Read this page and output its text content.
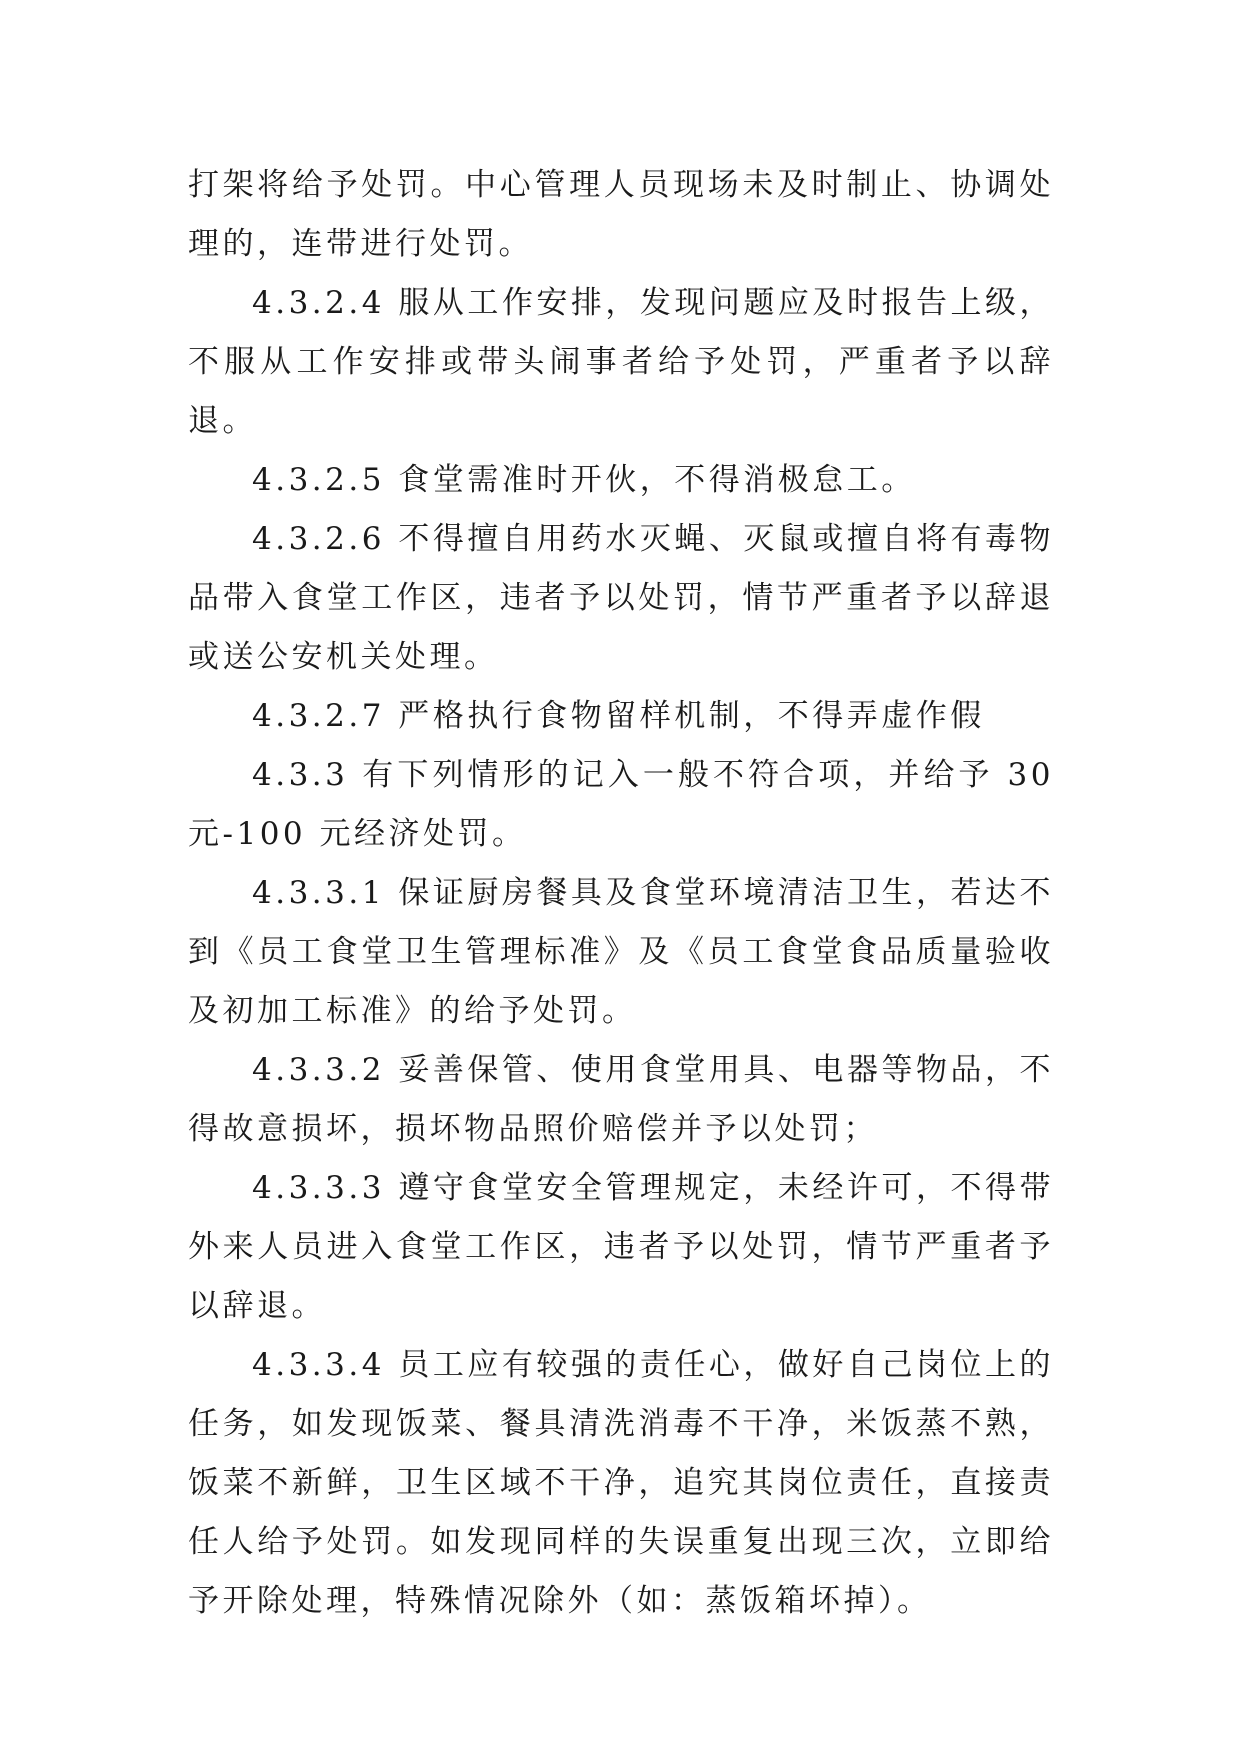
打架将给予处罚。中心管理人员现场未及时制止、协调处理的，连带进行处罚。

4.3.2.4 服从工作安排，发现问题应及时报告上级，不服从工作安排或带头闹事者给予处罚，严重者予以辞退。

4.3.2.5 食堂需准时开伙，不得消极怠工。

4.3.2.6 不得擅自用药水灭蝇、灭鼠或擅自将有毒物品带入食堂工作区，违者予以处罚，情节严重者予以辞退或送公安机关处理。

4.3.2.7 严格执行食物留样机制，不得弄虚作假

4.3.3 有下列情形的记入一般不符合项，并给予 30 元-100 元经济处罚。

4.3.3.1 保证厨房餐具及食堂环境清洁卫生，若达不到《员工食堂卫生管理标准》及《员工食堂食品质量验收及初加工标准》的给予处罚。

4.3.3.2 妥善保管、使用食堂用具、电器等物品，不得故意损坏，损坏物品照价赔偿并予以处罚；

4.3.3.3 遵守食堂安全管理规定，未经许可，不得带外来人员进入食堂工作区，违者予以处罚，情节严重者予以辞退。

4.3.3.4 员工应有较强的责任心，做好自己岗位上的任务，如发现饭菜、餐具清洗消毒不干净，米饭蒸不熟，饭菜不新鲜，卫生区域不干净，追究其岗位责任，直接责任人给予处罚。如发现同样的失误重复出现三次，立即给予开除处理，特殊情况除外（如：蒸饭箱坏掉）。
